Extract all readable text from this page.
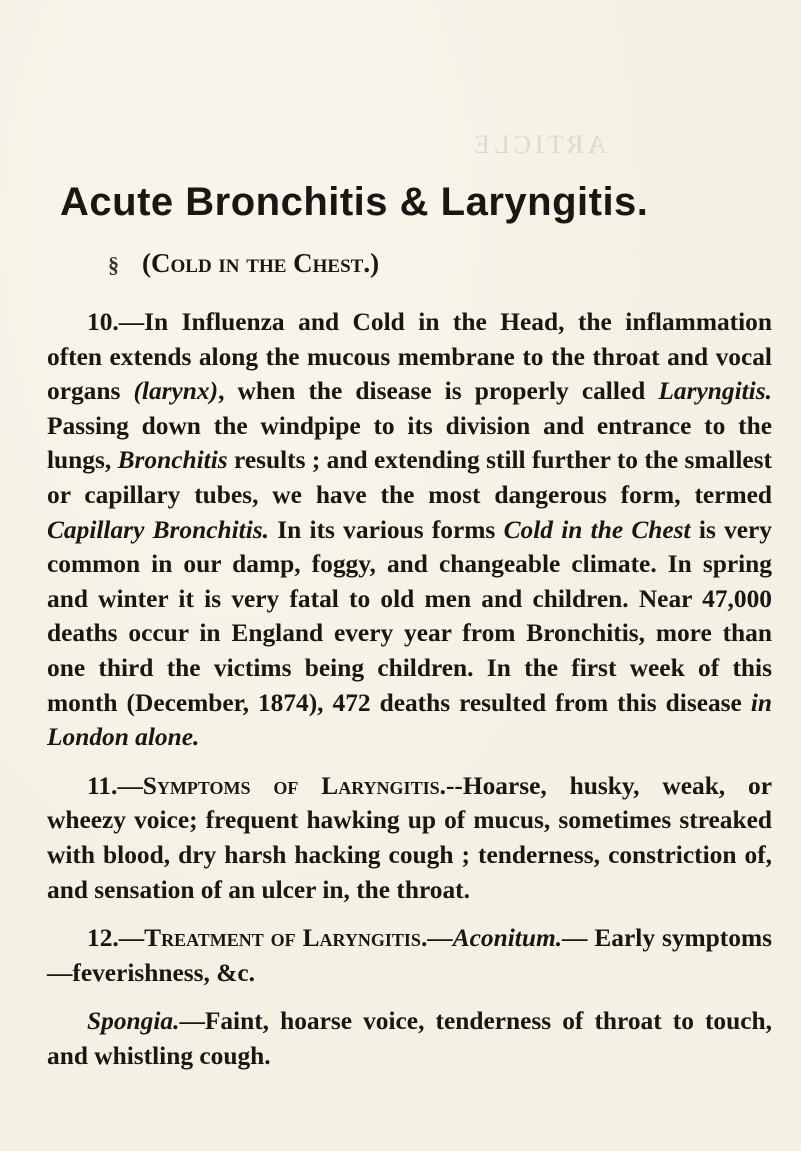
ARTICLE
Acute Bronchitis & Laryngitis.
§ (Cold in the Chest.)

10.—In Influenza and Cold in the Head, the inflammation often extends along the mucous membrane to the throat and vocal organs (larynx), when the disease is properly called Laryngitis. Passing down the windpipe to its division and entrance to the lungs, Bronchitis results ; and extending still further to the smallest or capillary tubes, we have the most dangerous form, termed Capillary Bronchitis. In its various forms Cold in the Chest is very common in our damp, foggy, and changeable climate. In spring and winter it is very fatal to old men and children. Near 47,000 deaths occur in England every year from Bronchitis, more than one third the victims being children. In the first week of this month (December, 1874), 472 deaths resulted from this disease in London alone.

11.—Symptoms of Laryngitis.--Hoarse, husky, weak, or wheezy voice; frequent hawking up of mucus, sometimes streaked with blood, dry harsh hacking cough ; tenderness, constriction of, and sensation of an ulcer in, the throat.

12.—Treatment of Laryngitis.—Aconitum.— Early symptoms—feverishness, &c.

Spongia.—Faint, hoarse voice, tenderness of throat to touch, and whistling cough.
